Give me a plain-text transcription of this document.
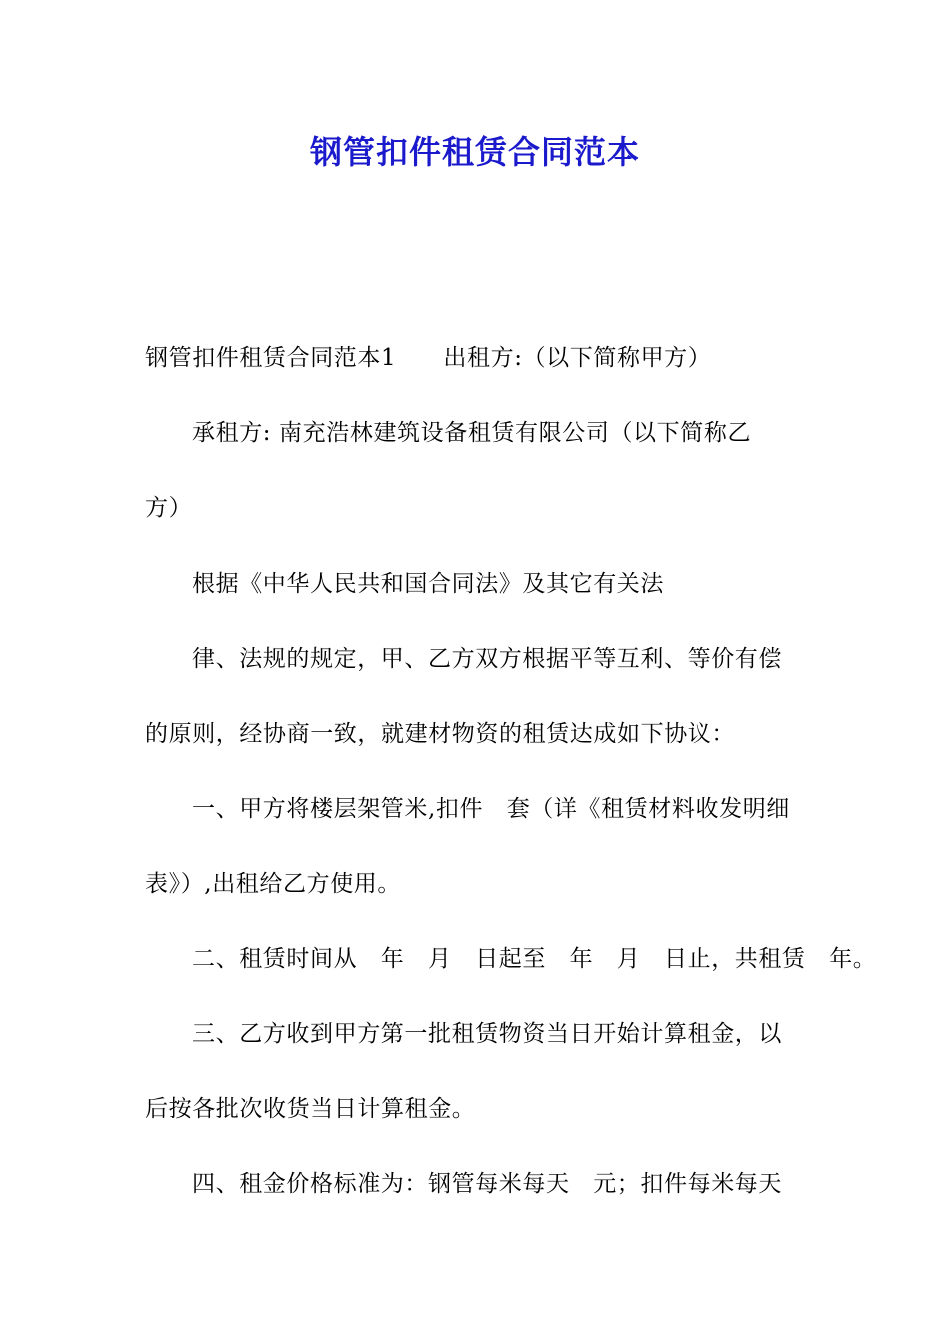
钢管扣件租赁合同范本
钢管扣件租赁合同范本1　　出租方:（以下简称甲方）
承租方: 南充浩林建筑设备租赁有限公司（以下简称乙
方）
根据《中华人民共和国合同法》及其它有关法
律、法规的规定，甲、乙方双方根据平等互利、等价有偿
的原则，经协商一致，就建材物资的租赁达成如下协议：
一、甲方将楼层架管米,扣件　套（详《租赁材料收发明细
表》）,出租给乙方使用。
二、租赁时间从　年　月　日起至　年　月　日止，共租赁　年。
三、乙方收到甲方第一批租赁物资当日开始计算租金，以
后按各批次收货当日计算租金。
四、租金价格标准为：钢管每米每天　元；扣件每米每天
